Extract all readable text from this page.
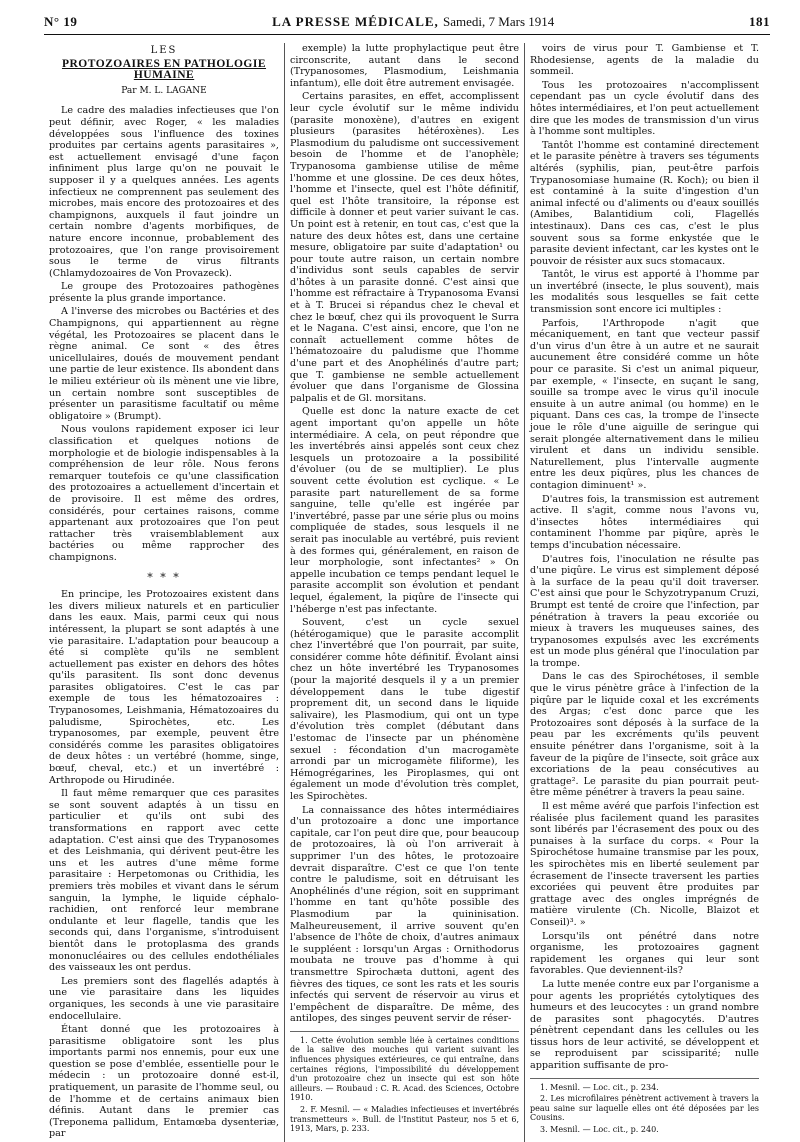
N° 19	LA PRESSE MÉDICALE, Samedi, 7 Mars 1914	181
LES
PROTOZOAIRES EN PATHOLOGIE HUMAINE
Par M. L. LAGANE

Le cadre des maladies infectieuses que l'on peut définir, avec Roger, « les maladies développées sous l'influence des toxines produites par certains agents parasitaires », est actuellement envisagé d'une façon infiniment plus large qu'on ne pouvait le supposer il y a quelques années. Les agents infectieux ne comprennent pas seulement des microbes, mais encore des protozoaires et des champignons, auxquels il faut joindre un certain nombre d'agents morbifiques, de nature encore inconnue, probablement des protozoaires, que l'on range provisoirement sous le terme de virus filtrants (Chlamydozoaires de Von Provazeck).

Le groupe des Protozoaires pathogènes présente la plus grande importance.

A l'inverse des microbes ou Bactéries et des Champignons, qui appartiennent au règne végétal, les Protozoaires se placent dans le règne animal. Ce sont « des êtres unicellulaires, doués de mouvement pendant une partie de leur existence. Ils abondent dans le milieu extérieur où ils mènent une vie libre, un certain nombre sont susceptibles de présenter un parasitisme facultatif ou même obligatoire » (Brumpt).

Nous voulons rapidement exposer ici leur classification et quelques notions de morphologie et de biologie indispensables à la compréhension de leur rôle. Nous ferons remarquer toutefois ce qu'une classification des protozoaires a actuellement d'incertain et de provisoire. Il est même des ordres, considérés, pour certaines raisons, comme appartenant aux protozoaires que l'on peut rattacher très vraisemblablement aux bactéries ou même rapprocher des champignons.

* * *

En principe, les Protozoaires existent dans les divers milieux naturels et en particulier dans les eaux. Mais, parmi ceux qui nous intéressent, la plupart se sont adaptés à une vie parasitaire. L'adaptation pour beaucoup a été si complète qu'ils ne semblent actuellement pas exister en dehors des hôtes qu'ils parasitent. Ils sont donc devenus parasites obligatoires. C'est le cas par exemple de tous les hématozoaires : Trypanosomes, Leishmania, Hématozoaires du paludisme, Spirochètes, etc. Les trypanosomes, par exemple, peuvent être considérés comme les parasites obligatoires de deux hôtes : un vertébré (homme, singe, bœuf, cheval, etc.) et un invertébré : Arthropode ou Hirudinée.

Il faut même remarquer que ces parasites se sont souvent adaptés à un tissu en particulier et qu'ils ont subi des transformations en rapport avec cette adaptation. C'est ainsi que des Trypanosomes et des Leishmania, qui dérivent peut-être les uns et les autres d'une même forme parasitaire : Herpetomonas ou Crithidia, les premiers très mobiles et vivant dans le sérum sanguin, la lymphe, le liquide céphalo-rachidien, ont renforcé leur membrane ondulante et leur flagelle, tandis que les seconds qui, dans l'organisme, s'introduisent bientôt dans le protoplasma des grands mononucléaires ou des cellules endothéliales des vaisseaux les ont perdus.

Les premiers sont des flagellés adaptés à une vie parasitaire dans les liquides organiques, les seconds à une vie parasitaire endocellulaire.

Étant donné que les protozoaires à parasitisme obligatoire sont les plus importants parmi nos ennemis, pour eux une question se pose d'emblée, essentielle pour le médecin : un protozoaire donné est-il, pratiquement, un parasite de l'homme seul, ou de l'homme et de certains animaux bien définis. Autant dans le premier cas (Treponema pallidum, Entamœba dysenteriæ, par

exemple) la lutte prophylactique peut être circonscrite, autant dans le second (Trypanosomes, Plasmodium, Leishmania infantum), elle doit être autrement envisagée.

Certains parasites, en effet, accomplissent leur cycle évolutif sur le même individu (parasite monoxène), d'autres en exigent plusieurs (parasites hétéroxènes). Les Plasmodium du paludisme ont successivement besoin de l'homme et de l'anophèle; Trypanosoma gambiense utilise de même l'homme et une glossine. De ces deux hôtes, l'homme et l'insecte, quel est l'hôte définitif, quel est l'hôte transitoire, la réponse est difficile à donner et peut varier suivant le cas. Un point est à retenir, en tout cas, c'est que la nature des deux hôtes est, dans une certaine mesure, obligatoire par suite d'adaptation¹ ou pour toute autre raison, un certain nombre d'individus sont seuls capables de servir d'hôtes à un parasite donné. C'est ainsi que l'homme est réfractaire à Trypanosoma Evansi et à T. Brucei si répandus chez le cheval et chez le bœuf, chez qui ils provoquent le Surra et le Nagana. C'est ainsi, encore, que l'on ne connaît actuellement comme hôtes de l'hématozoaire du paludisme que l'homme d'une part et des Anophélinés d'autre part; que T. gambiense ne semble actuellement évoluer que dans l'organisme de Glossina palpalis et de Gl. morsitans.

Quelle est donc la nature exacte de cet agent important qu'on appelle un hôte intermédiaire. A cela, on peut répondre que les invertébrés ainsi appelés sont ceux chez lesquels un protozoaire a la possibilité d'évoluer (ou de se multiplier). Le plus souvent cette évolution est cyclique. « Le parasite part naturellement de sa forme sanguine, telle qu'elle est ingérée par l'invertébré, passe par une série plus ou moins compliquée de stades, sous lesquels il ne serait pas inoculable au vertébré, puis revient à des formes qui, généralement, en raison de leur morphologie, sont infectantes² » On appelle incubation ce temps pendant lequel le parasite accomplit son évolution et pendant lequel, également, la piqûre de l'insecte qui l'héberge n'est pas infectante.

Souvent, c'est un cycle sexuel (hétérogamique) que le parasite accomplit chez l'invertébré que l'on pourrait, par suite, considérer comme hôte définitif. Évolant ainsi chez un hôte invertébré les Trypanosomes (pour la majorité desquels il y a un premier développement dans le tube digestif proprement dit, un second dans le liquide salivaire), les Plasmodium, qui ont un type d'évolution très complet (débutant dans l'estomac de l'insecte par un phénomène sexuel : fécondation d'un macrogamète arrondi par un microgamète filiforme), les Hémogrégarines, les Piroplasmes, qui ont également un mode d'évolution très complet, les Spirochètes.

La connaissance des hôtes intermédiaires d'un protozoaire a donc une importance capitale, car l'on peut dire que, pour beaucoup de protozoaires, là où l'on arriverait à supprimer l'un des hôtes, le protozoaire devrait disparaître. C'est ce que l'on tente contre le paludisme, soit en détruisant les Anophélinés d'une région, soit en supprimant l'homme en tant qu'hôte possible des Plasmodium par la quininisation. Malheureusement, il arrive souvent qu'en l'absence de l'hôte de choix, d'autres animaux le suppléent : lorsqu'un Argas : Ornithodorus moubata ne trouve pas d'homme à qui transmettre Spirochæta duttoni, agent des fièvres des tiques, ce sont les rats et les souris infectés qui servent de réservoir au virus et l'empêchent de disparaître. De même, des antilopes, des singes peuvent servir de réser-

1. Cette évolution semble liée à certaines conditions de la salive des mouches qui varient suivant les influences physiques extérieures, ce qui entraîne, dans certaines régions, l'impossibilité du développement d'un protozoaire chez un insecte qui est son hôte ailleurs. — Roubaud : C. R. Acad. des Sciences, Octobre 1910.

2. F. Mesnil. — « Maladies infectieuses et invertébrés transmetteurs ». Bull. de l'Institut Pasteur, nos 5 et 6, 1913, Mars, p. 233.

voirs de virus pour T. Gambiense et T. Rhodesiense, agents de la maladie du sommeil.

Tous les protozoaires n'accomplissent cependant pas un cycle évolutif dans des hôtes intermédiaires, et l'on peut actuellement dire que les modes de transmission d'un virus à l'homme sont multiples.

Tantôt l'homme est contaminé directement et le parasite pénètre à travers ses téguments altérés (syphilis, pian, peut-être parfois Trypanosomiase humaine (R. Koch); ou bien il est contaminé à la suite d'ingestion d'un animal infecté ou d'aliments ou d'eaux souillés (Amibes, Balantidium coli, Flagellés intestinaux). Dans ces cas, c'est le plus souvent sous sa forme enkystée que le parasite devient infectant, car les kystes ont le pouvoir de résister aux sucs stomacaux.

Tantôt, le virus est apporté à l'homme par un invertébré (insecte, le plus souvent), mais les modalités sous lesquelles se fait cette transmission sont encore ici multiples :

Parfois, l'Arthropode n'agit que mécaniquement, en tant que vecteur passif d'un virus d'un être à un autre et ne saurait aucunement être considéré comme un hôte pour ce parasite. Si c'est un animal piqueur, par exemple, « l'insecte, en suçant le sang, souille sa trompe avec le virus qu'il inocule ensuite à un autre animal (ou homme) en le piquant. Dans ces cas, la trompe de l'insecte joue le rôle d'une aiguille de seringue qui serait plongée alternativement dans le milieu virulent et dans un individu sensible. Naturellement, plus l'intervalle augmente entre les deux piqûres, plus les chances de contagion diminuent¹ ».

D'autres fois, la transmission est autrement active. Il s'agit, comme nous l'avons vu, d'insectes hôtes intermédiaires qui contaminent l'homme par piqûre, après le temps d'incubation nécessaire.

D'autres fois, l'inoculation ne résulte pas d'une piqûre. Le virus est simplement déposé à la surface de la peau qu'il doit traverser. C'est ainsi que pour le Schyzotrypanum Cruzi, Brumpt est tenté de croire que l'infection, par pénétration à travers la peau excoriée ou mieux à travers les muqueuses saines, des trypanosomes expulsés avec les excréments est un mode plus général que l'inoculation par la trompe.

Dans le cas des Spirochétoses, il semble que le virus pénètre grâce à l'infection de la piqûre par le liquide coxal et les excréments des Argas; c'est donc parce que les Protozoaires sont déposés à la surface de la peau par les excréments qu'ils peuvent ensuite pénétrer dans l'organisme, soit à la faveur de la piqûre de l'insecte, soit grâce aux excoriations de la peau consécutives au grattage². Le parasite du pian pourrait peut-être même pénétrer à travers la peau saine.

Il est même avéré que parfois l'infection est réalisée plus facilement quand les parasites sont libérés par l'écrasement des poux ou des punaises à la surface du corps. « Pour la Spirochétose humaine transmise par les poux, les spirochètes mis en liberté seulement par écrasement de l'insecte traversent les parties excoriées qui peuvent être produites par grattage avec des ongles imprégnés de matière virulente (Ch. Nicolle, Blaizot et Conseil)³. »

Lorsqu'ils ont pénétré dans notre organisme, les protozoaires gagnent rapidement les organes qui leur sont favorables. Que deviennent-ils?

La lutte menée contre eux par l'organisme a pour agents les propriétés cytolytiques des humeurs et des leucocytes : un grand nombre de parasites sont phagocytés. D'autres pénètrent cependant dans les cellules ou les tissus hors de leur activité, se développent et se reproduisent par scissiparité; nulle apparition suffisante de pro-

1. Mesnil. — Loc. cit., p. 234.

2. Les microfilaires pénètrent activement à travers la peau saine sur laquelle elles ont été déposées par les Cousins.

3. Mesnil. — Loc. cit., p. 240.
